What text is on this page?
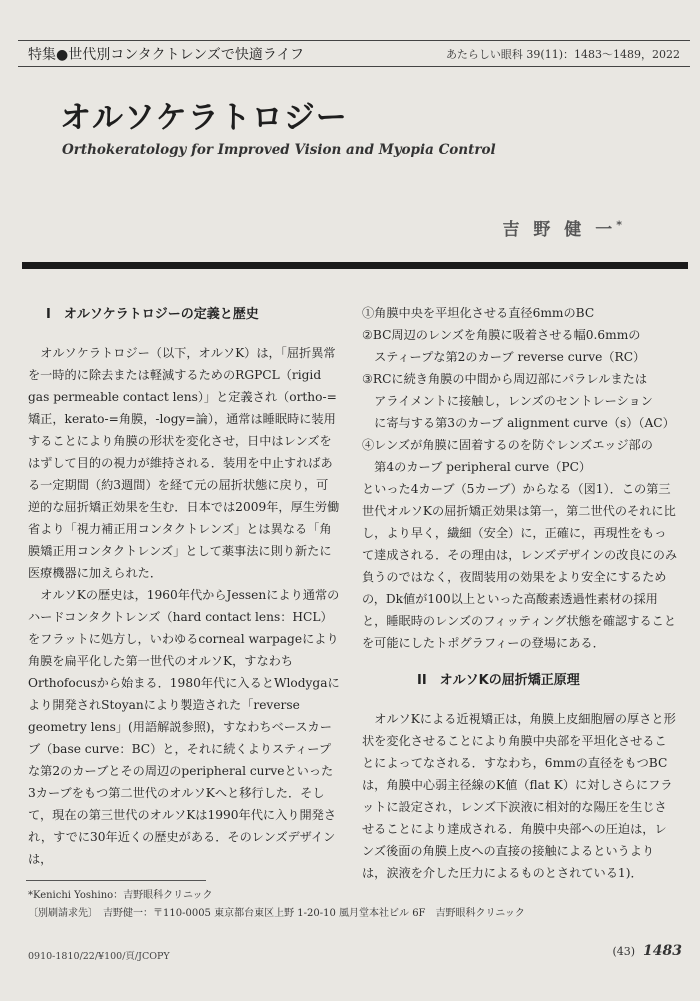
特集●世代別コンタクトレンズで快適ライフ	あたらしい眼科 39(11)：1483～1489，2022
オルソケラトロジー
Orthokeratology for Improved Vision and Myopia Control
吉 野 健 一*
I　オルソケラトロジーの定義と歴史

オルソケラトロジー（以下，オルソK）は，「屈折異常を一時的に除去または軽減するためのRGPCL（rigid gas permeable contact lens）」と定義され（ortho-=矯正，kerato-=角膜，-logy=論），通常は睡眠時に装用することにより角膜の形状を変化させ，日中はレンズをはずして目的の視力が維持される．装用を中止すればある一定期間（約3週間）を経て元の屈折状態に戻り，可逆的な屈折矯正効果を生む．日本では2009年，厚生労働省より「視力補正用コンタクトレンズ」とは異なる「角膜矯正用コンタクトレンズ」として薬事法に則り新たに医療機器に加えられた．

オルソKの歴史は，1960年代からJessenにより通常のハードコンタクトレンズ（hard contact lens：HCL）をフラットに処方し，いわゆるcorneal warpageにより角膜を扁平化した第一世代のオルソK，すなわちOrthofocusから始まる．1980年代に入るとWlodygaにより開発されStoyanにより製造された「reverse geometry lens」(用語解説参照)，すなわちベースカーブ（base curve：BC）と，それに続くよりスティープな第2のカーブとその周辺のperipheral curveといった3カーブをもつ第二世代のオルソKへと移行した．そして，現在の第三世代のオルソKは1990年代に入り開発され，すでに30年近くの歴史がある．そのレンズデザインは，

①角膜中央を平坦化させる直径6mmのBC

②BC周辺のレンズを角膜に吸着させる幅0.6mmの

　スティープな第2のカーブ reverse curve（RC）

③RCに続き角膜の中間から周辺部にパラレルまたは

　アライメントに接触し，レンズのセントレーション

　に寄与する第3のカーブ alignment curve（s）（AC）

④レンズが角膜に固着するのを防ぐレンズエッジ部の

　第4のカーブ peripheral curve（PC）

といった4カーブ（5カーブ）からなる（図1）．この第三世代オルソKの屈折矯正効果は第一，第二世代のそれに比し，より早く，繊細（安全）に，正確に，再現性をもって達成される．その理由は，レンズデザインの改良にのみ負うのではなく，夜間装用の効果をより安全にするための，Dk値が100以上といった高酸素透過性素材の採用と，睡眠時のレンズのフィッティング状態を確認することを可能にしたトポグラフィーの登場にある．

II　オルソKの屈折矯正原理

オルソKによる近視矯正は，角膜上皮細胞層の厚さと形状を変化させることにより角膜中央部を平坦化させることによってなされる．すなわち，6mmの直径をもつBCは，角膜中心弱主径線のK値（flat K）に対しさらにフラットに設定され，レンズ下涙液に相対的な陽圧を生じさせることにより達成される．角膜中央部への圧迫は，レンズ後面の角膜上皮への直接の接触によるというよりは，涙液を介した圧力によるものとされている1)．

*Kenichi Yoshino：吉野眼科クリニック
〔別刷請求先〕　吉野健一：〒110-0005 東京都台東区上野 1-20-10 風月堂本社ビル 6F　吉野眼科クリニック
0910-1810/22/¥100/頁/JCOPY	(43) 1483
